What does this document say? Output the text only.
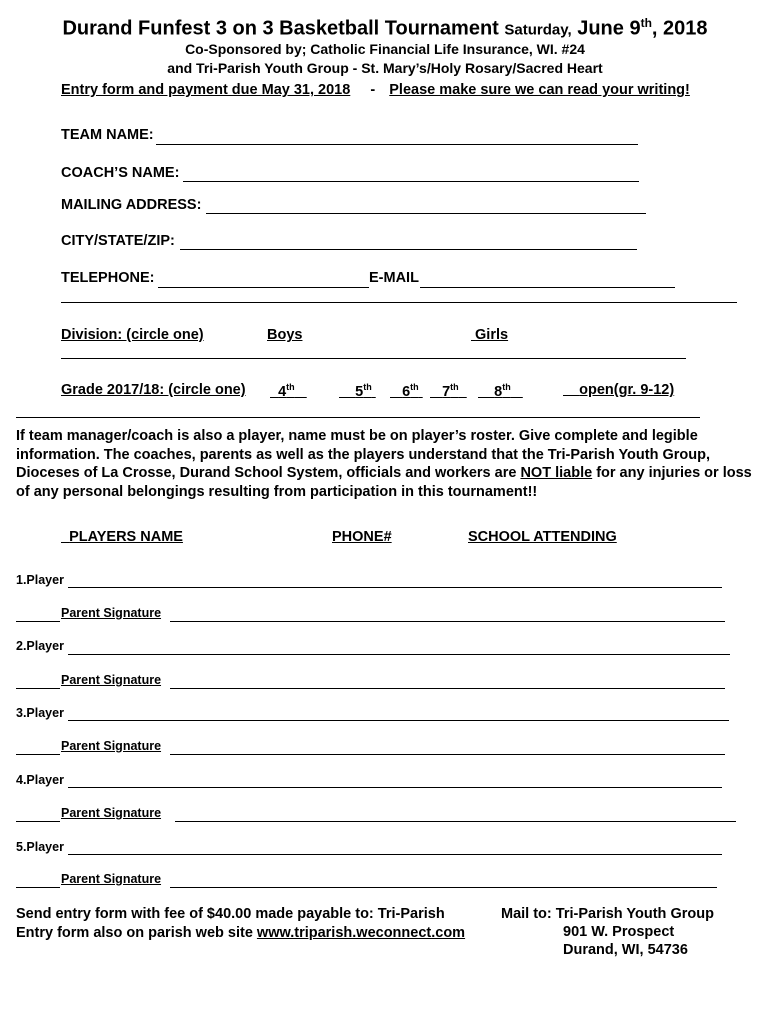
Durand Funfest 3 on 3 Basketball Tournament Saturday, June 9th, 2018
Co-Sponsored by; Catholic Financial Life Insurance, WI. #24
and Tri-Parish Youth Group - St. Mary’s/Holy Rosary/Sacred Heart
Entry form and payment due May 31, 2018 - Please make sure we can read your writing!
TEAM NAME:
COACH’S NAME:
MAILING ADDRESS:
CITY/STATE/ZIP:
TELEPHONE:	E-MAIL
Division: (circle one)	Boys	Girls
Grade 2017/18: (circle one)	4th	5th	6th	7th	8th	open(gr. 9-12)
If team manager/coach is also a player, name must be on player’s roster. Give complete and legible information. The coaches, parents as well as the players understand that the Tri-Parish Youth Group, Dioceses of La Crosse, Durand School System, officials and workers are NOT liable for any injuries or loss of any personal belongings resulting from participation in this tournament!!
PLAYERS NAME	PHONE#	SCHOOL ATTENDING
1.Player
Parent Signature
2.Player
Parent Signature
3.Player
Parent Signature
4.Player
Parent Signature
5.Player
Parent Signature
Send entry form with fee of $40.00 made payable to: Tri-Parish
Entry form also on parish web site www.triparish.weconnect.com
Mail to: Tri-Parish Youth Group
901 W. Prospect
Durand, WI, 54736
